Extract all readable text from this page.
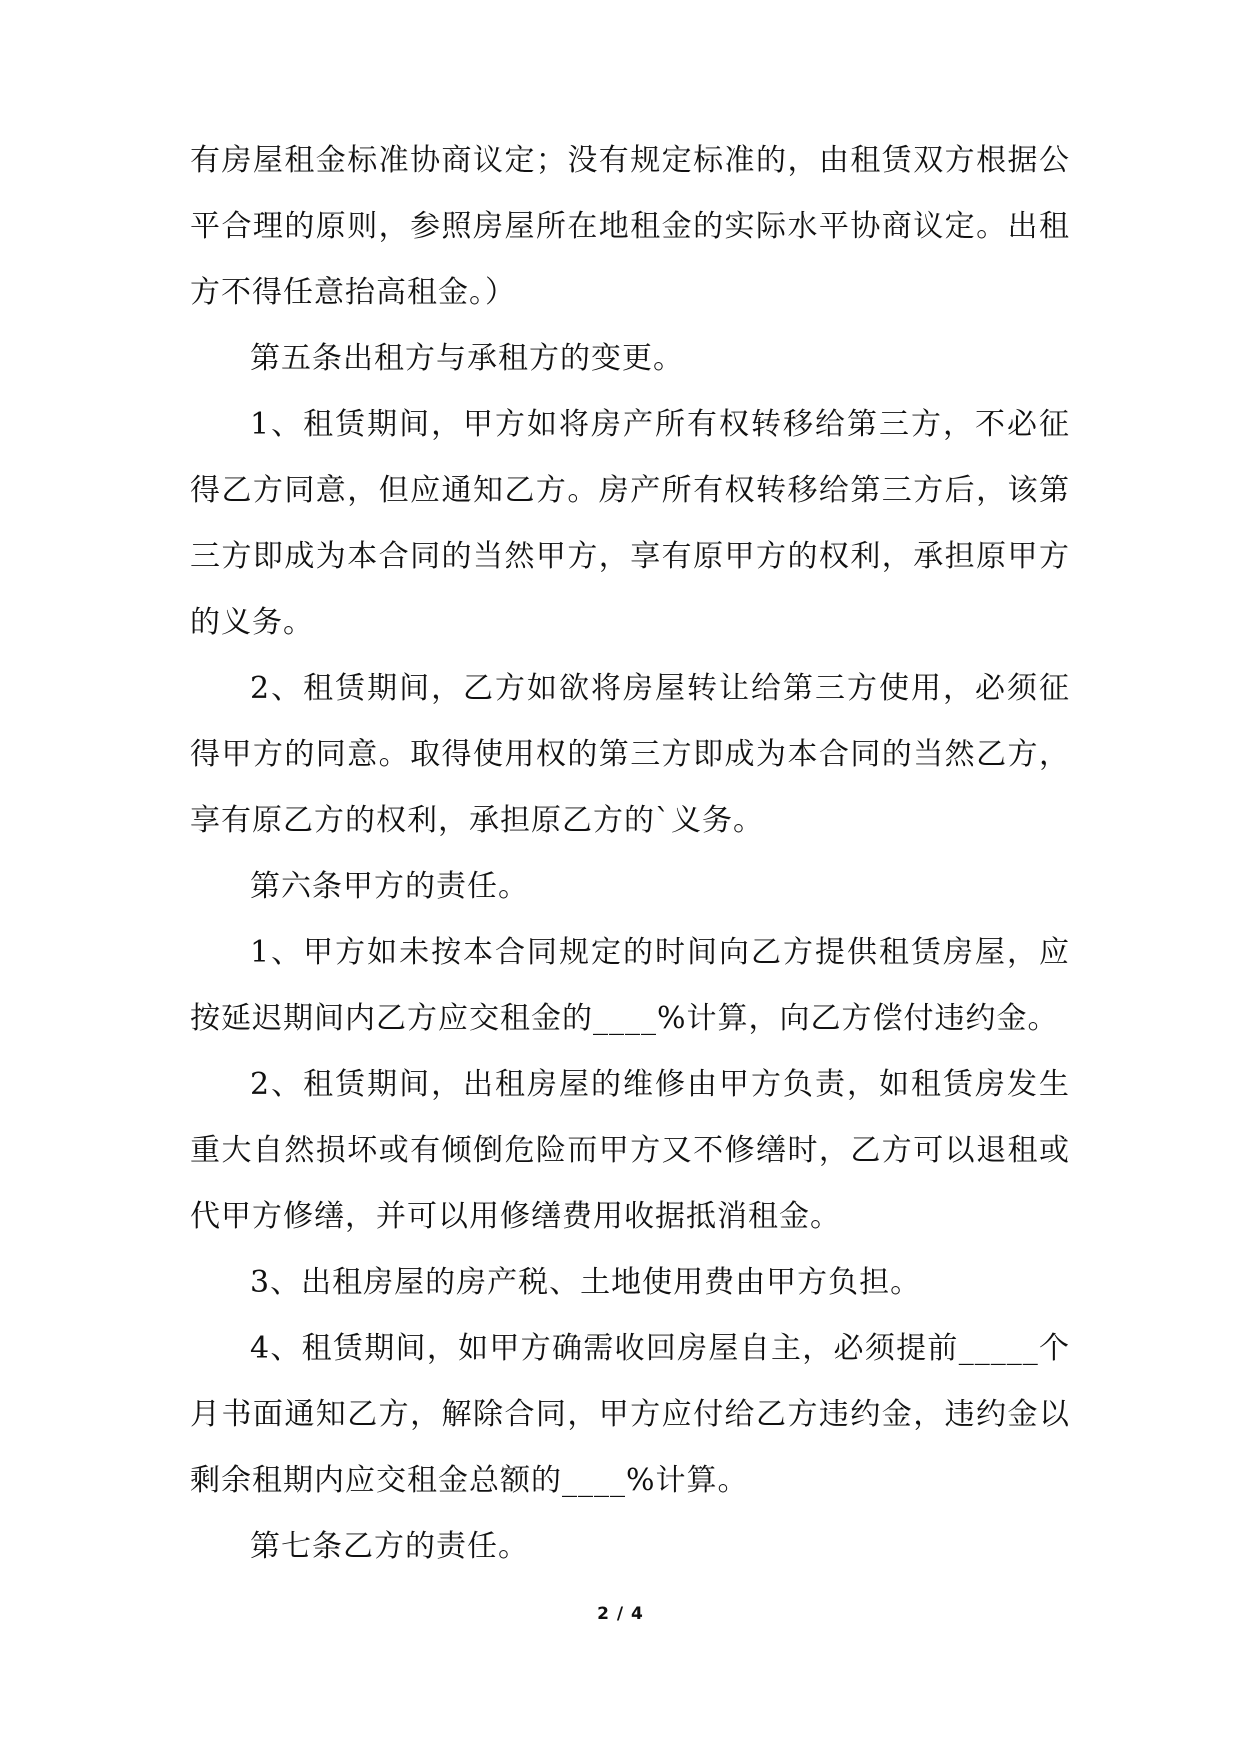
有房屋租金标准协商议定；没有规定标准的，由租赁双方根据公平合理的原则，参照房屋所在地租金的实际水平协商议定。出租方不得任意抬高租金。）

第五条出租方与承租方的变更。

1、租赁期间，甲方如将房产所有权转移给第三方，不必征得乙方同意，但应通知乙方。房产所有权转移给第三方后，该第三方即成为本合同的当然甲方，享有原甲方的权利，承担原甲方的义务。

2、租赁期间，乙方如欲将房屋转让给第三方使用，必须征得甲方的同意。取得使用权的第三方即成为本合同的当然乙方，享有原乙方的权利，承担原乙方的`义务。

第六条甲方的责任。

1、甲方如未按本合同规定的时间向乙方提供租赁房屋，应按延迟期间内乙方应交租金的____%计算，向乙方偿付违约金。

2、租赁期间，出租房屋的维修由甲方负责，如租赁房发生重大自然损坏或有倾倒危险而甲方又不修缮时，乙方可以退租或代甲方修缮，并可以用修缮费用收据抵消租金。

3、出租房屋的房产税、土地使用费由甲方负担。

4、租赁期间，如甲方确需收回房屋自主，必须提前_____个月书面通知乙方，解除合同，甲方应付给乙方违约金，违约金以剩余租期内应交租金总额的____%计算。

第七条乙方的责任。

2 / 4
